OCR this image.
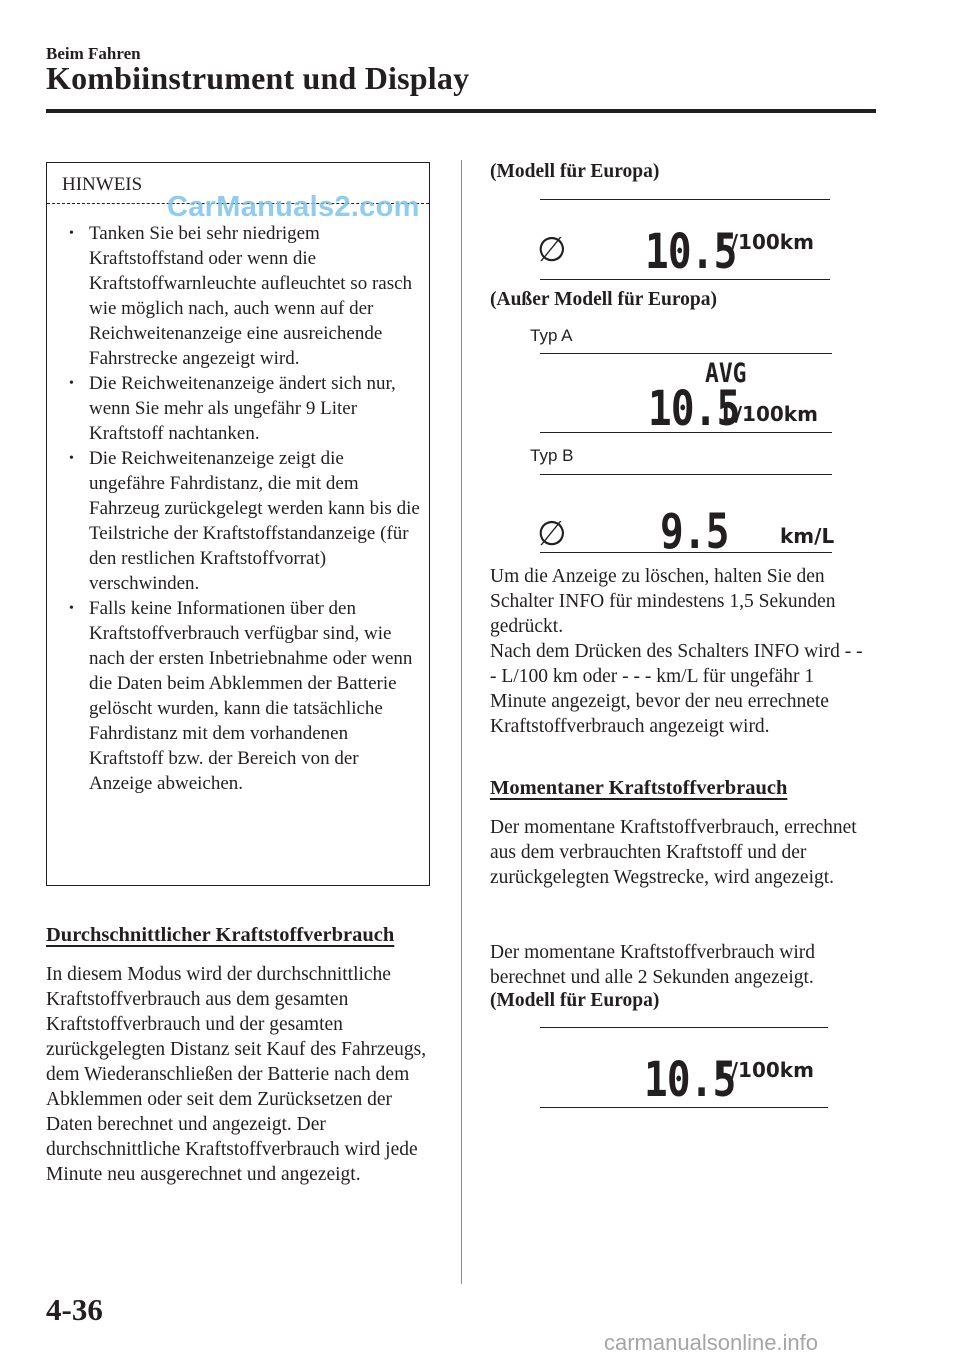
Beim Fahren
Kombiinstrument und Display
HINWEIS
CarManuals2.com
• Tanken Sie bei sehr niedrigem Kraftstoffstand oder wenn die Kraftstoffwarnleuchte aufleuchtet so rasch wie möglich nach, auch wenn auf der Reichweitenanzeige eine ausreichende Fahrstrecke angezeigt wird.
• Die Reichweitenanzeige ändert sich nur, wenn Sie mehr als ungefähr 9 Liter Kraftstoff nachtanken.
• Die Reichweitenanzeige zeigt die ungefähre Fahrdistanz, die mit dem Fahrzeug zurückgelegt werden kann bis die Teilstriche der Kraftstoffstandanzeige (für den restlichen Kraftstoffvorrat) verschwinden.
• Falls keine Informationen über den Kraftstoffverbrauch verfügbar sind, wie nach der ersten Inbetriebnahme oder wenn die Daten beim Abklemmen der Batterie gelöscht wurden, kann die tatsächliche Fahrdistanz mit dem vorhandenen Kraftstoff bzw. der Bereich von der Anzeige abweichen.
Durchschnittlicher Kraftstoffverbrauch
In diesem Modus wird der durchschnittliche Kraftstoffverbrauch aus dem gesamten Kraftstoffverbrauch und der gesamten zurückgelegten Distanz seit Kauf des Fahrzeugs, dem Wiederanschließen der Batterie nach dem Abklemmen oder seit dem Zurücksetzen der Daten berechnet und angezeigt. Der durchschnittliche Kraftstoffverbrauch wird jede Minute neu ausgerechnet und angezeigt.
(Modell für Europa)
∅ 10.5
L/100km
(Außer Modell für Europa)
Typ A
AVG
10.5
L/100km
Typ B
∅ 9.5	km/L
Um die Anzeige zu löschen, halten Sie den Schalter INFO für mindestens 1,5 Sekunden gedrückt.
Nach dem Drücken des Schalters INFO wird - - - L/100 km oder - - - km/L für ungefähr 1 Minute angezeigt, bevor der neu errechnete Kraftstoffverbrauch angezeigt wird.
Momentaner Kraftstoffverbrauch
Der momentane Kraftstoffverbrauch, errechnet aus dem verbrauchten Kraftstoff und der zurückgelegten Wegstrecke, wird angezeigt.
Der momentane Kraftstoffverbrauch wird berechnet und alle 2 Sekunden angezeigt.
(Modell für Europa)
10.5
L/100km
4-36
carmanualsonline.info
